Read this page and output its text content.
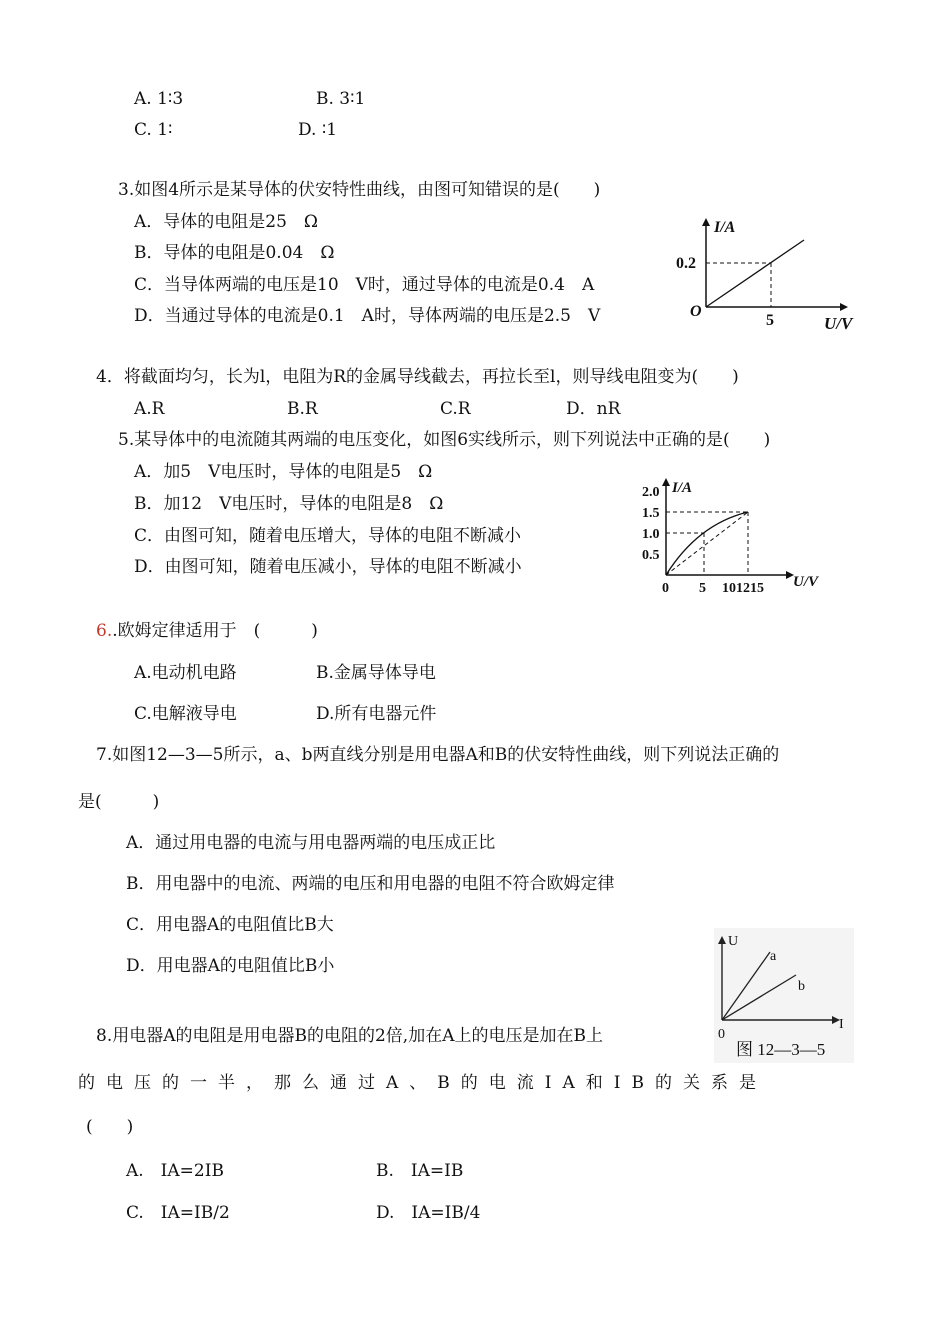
A. 1∶3	B. 3∶1
C. 1∶	D. ∶1
3.如图4所示是某导体的伏安特性曲线，由图可知错误的是(　　)
A．导体的电阻是25　Ω
B．导体的电阻是0.04　Ω
C．当导体两端的电压是10　V时，通过导体的电流是0.4　A
D．当通过导体的电流是0.1　A时，导体两端的电压是2.5　V
I/A
0.2
O
5	U/V
4．将截面均匀，长为l，电阻为R的金属导线截去，再拉长至l，则导线电阻变为(　　)
A.R	B.R	C.R	D．nR
5.某导体中的电流随其两端的电压变化，如图6实线所示，则下列说法中正确的是(　　)
A．加5　V电压时，导体的电阻是5　Ω
B．加12　V电压时，导体的电阻是8　Ω
C．由图可知，随着电压增大，导体的电阻不断减小
D．由图可知，随着电压减小，导体的电阻不断减小
I/A
2.0
1.5
1.0
0.5
0 5 101215 U/V
6..欧姆定律适用于　(　　　)
A.电动机电路	B.金属导体导电
C.电解液导电	D.所有电器元件
7.如图12—3—5所示，a、b两直线分别是用电器A和B的伏安特性曲线，则下列说法正确的
是(　　　)
A．通过用电器的电流与用电器两端的电压成正比
B．用电器中的电流、两端的电压和用电器的电阻不符合欧姆定律
C．用电器A的电阻值比B大
D．用电器A的电阻值比B小
U
a
b
0
I
图 12—3—5
8.用电器A的电阻是用电器B的电阻的2倍,加在A上的电压是加在B上
的电压的一半，那么通过A、B的电流IA和IB的关系是
(　　)
A.　IA=2IB	B.　IA=IB
C.　IA=IB/2	D.　IA=IB/4
